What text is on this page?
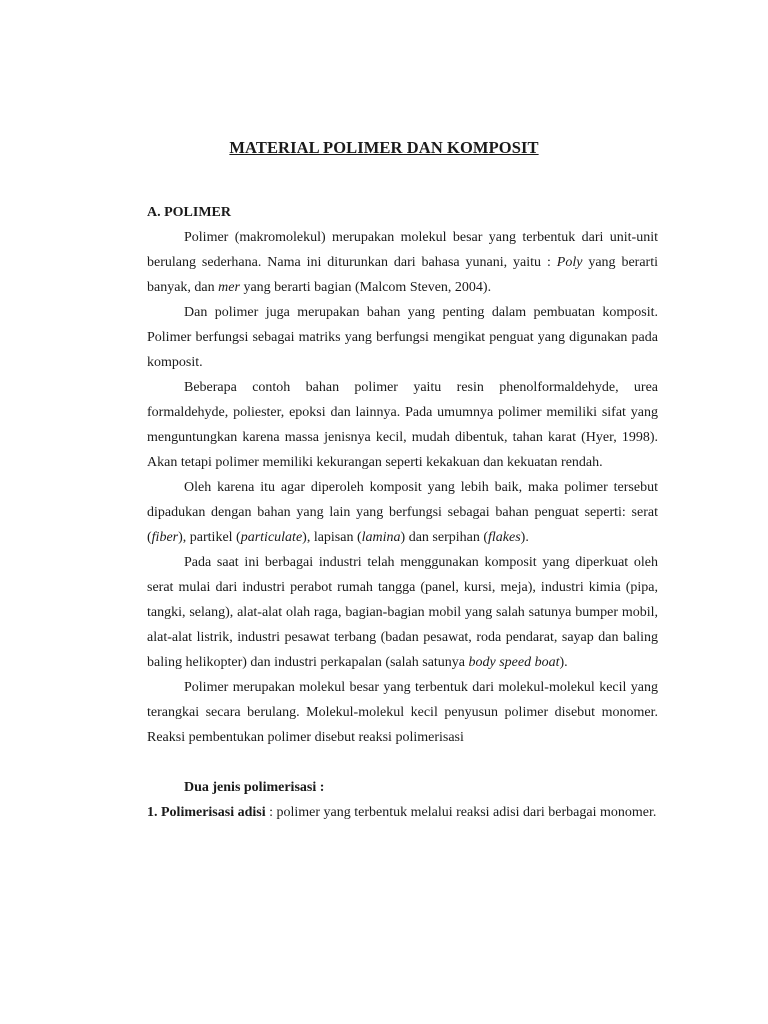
MATERIAL POLIMER DAN KOMPOSIT
A. POLIMER

Polimer (makromolekul) merupakan molekul besar yang terbentuk dari unit-unit berulang sederhana. Nama ini diturunkan dari bahasa yunani, yaitu : Poly yang berarti banyak, dan mer yang berarti bagian (Malcom Steven, 2004).

Dan polimer juga merupakan bahan yang penting dalam pembuatan komposit. Polimer berfungsi sebagai matriks yang berfungsi mengikat penguat yang digunakan pada komposit.

Beberapa contoh bahan polimer yaitu resin phenolformaldehyde, urea formaldehyde, poliester, epoksi dan lainnya. Pada umumnya polimer memiliki sifat yang menguntungkan karena massa jenisnya kecil, mudah dibentuk, tahan karat (Hyer, 1998). Akan tetapi polimer memiliki kekurangan seperti kekakuan dan kekuatan rendah.

Oleh karena itu agar diperoleh komposit yang lebih baik, maka polimer tersebut dipadukan dengan bahan yang lain yang berfungsi sebagai bahan penguat seperti: serat (fiber), partikel (particulate), lapisan (lamina) dan serpihan (flakes).

Pada saat ini berbagai industri telah menggunakan komposit yang diperkuat oleh serat mulai dari industri perabot rumah tangga (panel, kursi, meja), industri kimia (pipa, tangki, selang), alat-alat olah raga, bagian-bagian mobil yang salah satunya bumper mobil, alat-alat listrik, industri pesawat terbang (badan pesawat, roda pendarat, sayap dan baling baling helikopter) dan industri perkapalan (salah satunya body speed boat).

Polimer merupakan molekul besar yang terbentuk dari molekul-molekul kecil yang terangkai secara berulang. Molekul-molekul kecil penyusun polimer disebut monomer. Reaksi pembentukan polimer disebut reaksi polimerisasi

Dua jenis polimerisasi :

1. Polimerisasi adisi : polimer yang terbentuk melalui reaksi adisi dari berbagai monomer.
